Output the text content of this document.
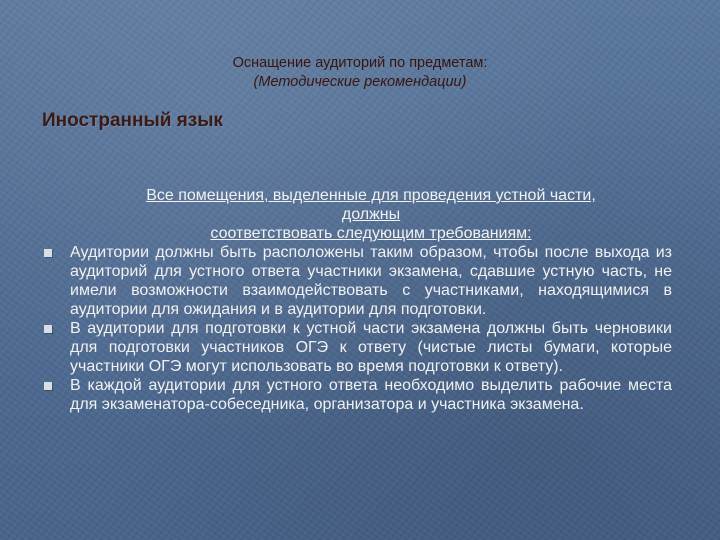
Оснащение аудиторий по предметам:
(Методические рекомендации)
Иностранный язык
Все помещения, выделенные для проведения устной части,
должны
соответствовать следующим требованиям:
Аудитории должны быть расположены таким образом, чтобы после выхода из аудиторий для устного ответа участники экзамена, сдавшие устную часть, не имели возможности взаимодействовать с участниками, находящимися в аудитории для ожидания и в аудитории для подготовки.
В аудитории для подготовки к устной части экзамена должны быть черновики для подготовки участников ОГЭ к ответу (чистые листы бумаги, которые участники ОГЭ могут использовать во время подготовки к ответу).
В каждой аудитории для устного ответа необходимо выделить рабочие места для экзаменатора-собеседника, организатора и участника экзамена.
